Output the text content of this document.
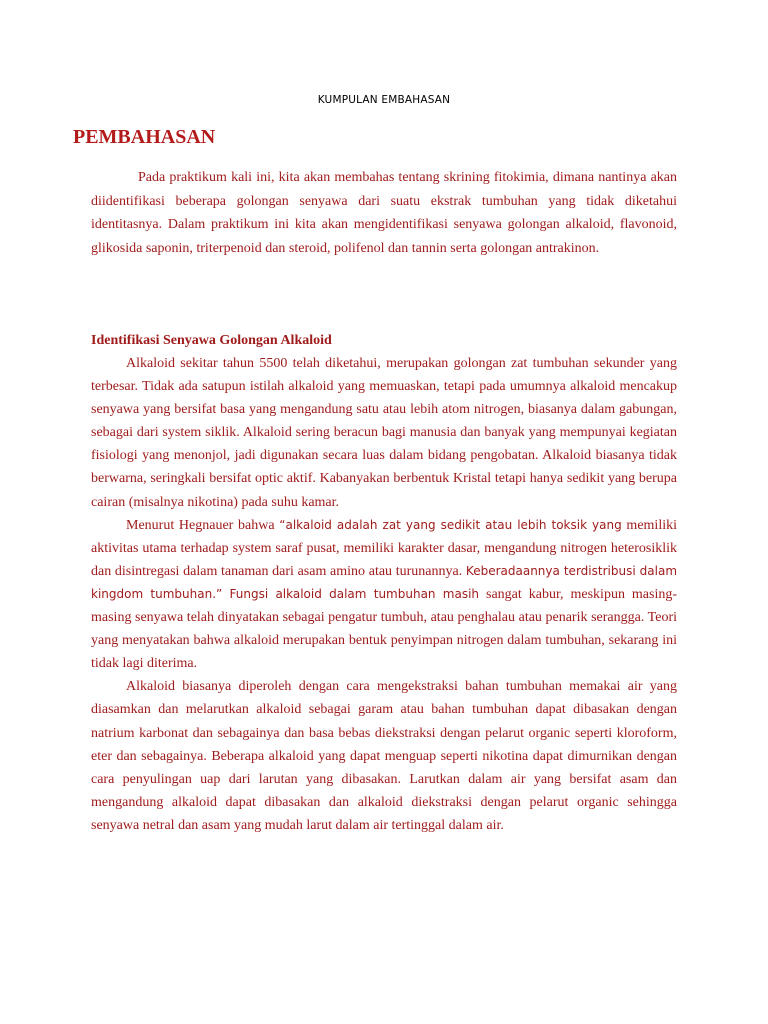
KUMPULAN EMBAHASAN
PEMBAHASAN

Pada praktikum kali ini, kita akan membahas tentang skrining fitokimia, dimana nantinya akan diidentifikasi beberapa golongan senyawa dari suatu ekstrak tumbuhan yang tidak diketahui identitasnya. Dalam praktikum ini kita akan mengidentifikasi senyawa golongan alkaloid, flavonoid, glikosida saponin, triterpenoid dan steroid, polifenol dan tannin serta golongan antrakinon.

Identifikasi Senyawa Golongan Alkaloid

Alkaloid sekitar tahun 5500 telah diketahui, merupakan golongan zat tumbuhan sekunder yang terbesar. Tidak ada satupun istilah alkaloid yang memuaskan, tetapi pada umumnya alkaloid mencakup senyawa yang bersifat basa yang mengandung satu atau lebih atom nitrogen, biasanya dalam gabungan, sebagai dari system siklik. Alkaloid sering beracun bagi manusia dan banyak yang mempunyai kegiatan fisiologi yang menonjol, jadi digunakan secara luas dalam bidang pengobatan. Alkaloid biasanya tidak berwarna, seringkali bersifat optic aktif. Kabanyakan berbentuk Kristal tetapi hanya sedikit yang berupa cairan (misalnya nikotina) pada suhu kamar.

Menurut Hegnauer bahwa “alkaloid adalah zat yang sedikit atau lebih toksik yang memiliki aktivitas utama terhadap system saraf pusat, memiliki karakter dasar, mengandung nitrogen heterosiklik dan disintregasi dalam tanaman dari asam amino atau turunannya. Keberadaannya terdistribusi dalam kingdom tumbuhan.” Fungsi alkaloid dalam tumbuhan masih sangat kabur, meskipun masing-masing senyawa telah dinyatakan sebagai pengatur tumbuh, atau penghalau atau penarik serangga. Teori yang menyatakan bahwa alkaloid merupakan bentuk penyimpan nitrogen dalam tumbuhan, sekarang ini tidak lagi diterima.

Alkaloid biasanya diperoleh dengan cara mengekstraksi bahan tumbuhan memakai air yang diasamkan dan melarutkan alkaloid sebagai garam atau bahan tumbuhan dapat dibasakan dengan natrium karbonat dan sebagainya dan basa bebas diekstraksi dengan pelarut organic seperti kloroform, eter dan sebagainya. Beberapa alkaloid yang dapat menguap seperti nikotina dapat dimurnikan dengan cara penyulingan uap dari larutan yang dibasakan. Larutkan dalam air yang bersifat asam dan mengandung alkaloid dapat dibasakan dan alkaloid diekstraksi dengan pelarut organic sehingga senyawa netral dan asam yang mudah larut dalam air tertinggal dalam air.
